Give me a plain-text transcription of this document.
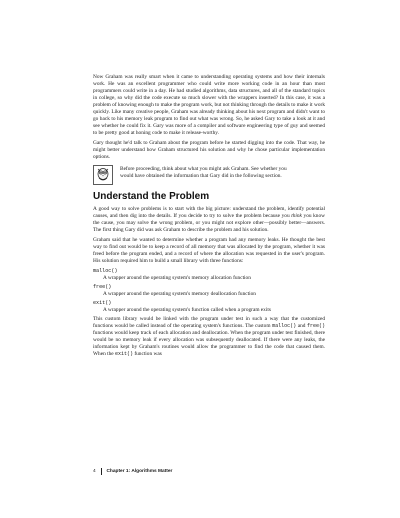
Now Graham was really smart when it came to understanding operating systems and how their internals work. He was an excellent programmer who could write more working code in an hour than most programmers could write in a day. He had studied algorithms, data structures, and all of the standard topics in college, so why did the code execute so much slower with the wrappers inserted? In this case, it was a problem of knowing enough to make the program work, but not thinking through the details to make it work quickly. Like many creative people, Graham was already thinking about his next program and didn't want to go back to his memory leak program to find out what was wrong. So, he asked Gary to take a look at it and see whether he could fix it. Gary was more of a compiler and software engineering type of guy and seemed to be pretty good at honing code to make it release-worthy.

Gary thought he'd talk to Graham about the program before he started digging into the code. That way, he might better understand how Graham structured his solution and why he chose particular implementation options.

Before proceeding, think about what you might ask Graham. See whether you would have obtained the information that Gary did in the following section.
Understand the Problem

A good way to solve problems is to start with the big picture: understand the problem, identify potential causes, and then dig into the details. If you decide to try to solve the problem because you think you know the cause, you may solve the wrong problem, or you might not explore other—possibly better—answers. The first thing Gary did was ask Graham to describe the problem and his solution.

Graham said that he wanted to determine whether a program had any memory leaks. He thought the best way to find out would be to keep a record of all memory that was allocated by the program, whether it was freed before the program ended, and a record of where the allocation was requested in the user's program. His solution required him to build a small library with three functions:

malloc()
A wrapper around the operating system's memory allocation function
free()
A wrapper around the operating system's memory deallocation function
exit()
A wrapper around the operating system's function called when a program exits

This custom library would be linked with the program under test in such a way that the customized functions would be called instead of the operating system's functions. The custom malloc() and free() functions would keep track of each allocation and deallocation. When the program under test finished, there would be no memory leak if every allocation was subsequently deallocated. If there were any leaks, the information kept by Graham's routines would allow the programmer to find the code that caused them. When the exit() function was

4 Chapter 1: Algorithms Matter
